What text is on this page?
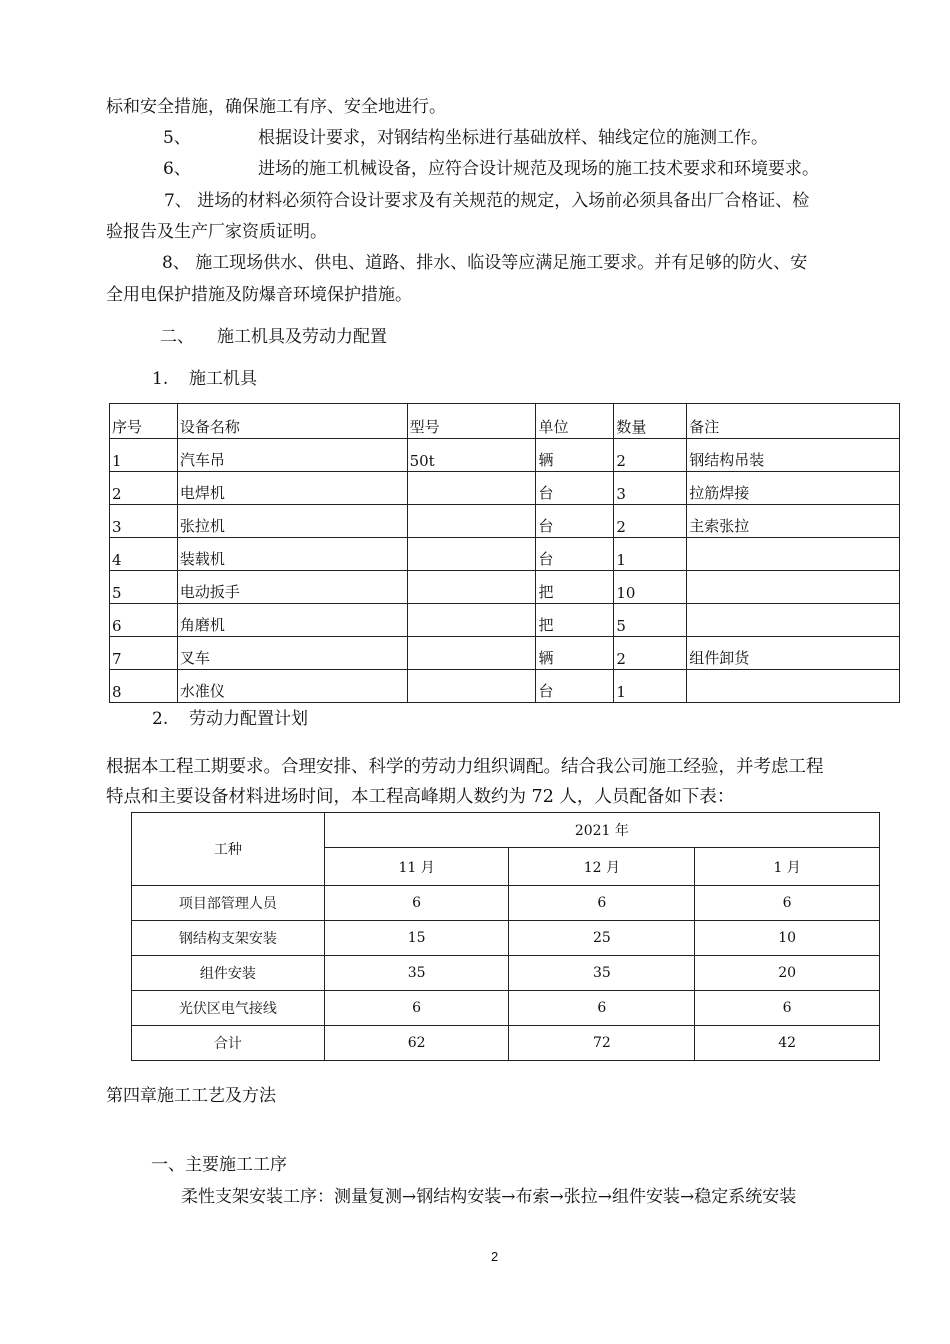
标和安全措施，确保施工有序、安全地进行。
5、	根据设计要求，对钢结构坐标进行基础放样、轴线定位的施测工作。
6、	进场的施工机械设备，应符合设计规范及现场的施工技术要求和环境要求。
7、 进场的材料必须符合设计要求及有关规范的规定，入场前必须具备出厂合格证、检
验报告及生产厂家资质证明。
8、 施工现场供水、供电、道路、排水、临设等应满足施工要求。并有足够的防火、安
全用电保护措施及防爆音环境保护措施。
二、 施工机具及劳动力配置
1. 施工机具
序号	设备名称	型号	单位	数量	备注
1	汽车吊	50t	辆	2	钢结构吊装
2	电焊机		台	3	拉筋焊接
3	张拉机		台	2	主索张拉
4	装载机		台	1	
5	电动扳手		把	10	
6	角磨机		把	5	
7	叉车		辆	2	组件卸货
8	水准仪		台	1	
2. 劳动力配置计划
根据本工程工期要求。合理安排、科学的劳动力组织调配。结合我公司施工经验，并考虑工程
特点和主要设备材料进场时间，本工程高峰期人数约为 72 人，人员配备如下表：
工种	2021 年		
	11 月	12 月	1 月
项目部管理人员	6	6	6
钢结构支架安装	15	25	10
组件安装	35	35	20
光伏区电气接线	6	6	6
合计	62	72	42
第四章施工工艺及方法
一、主要施工工序
柔性支架安装工序：测量复测→钢结构安装→布索→张拉→组件安装→稳定系统安装
2
